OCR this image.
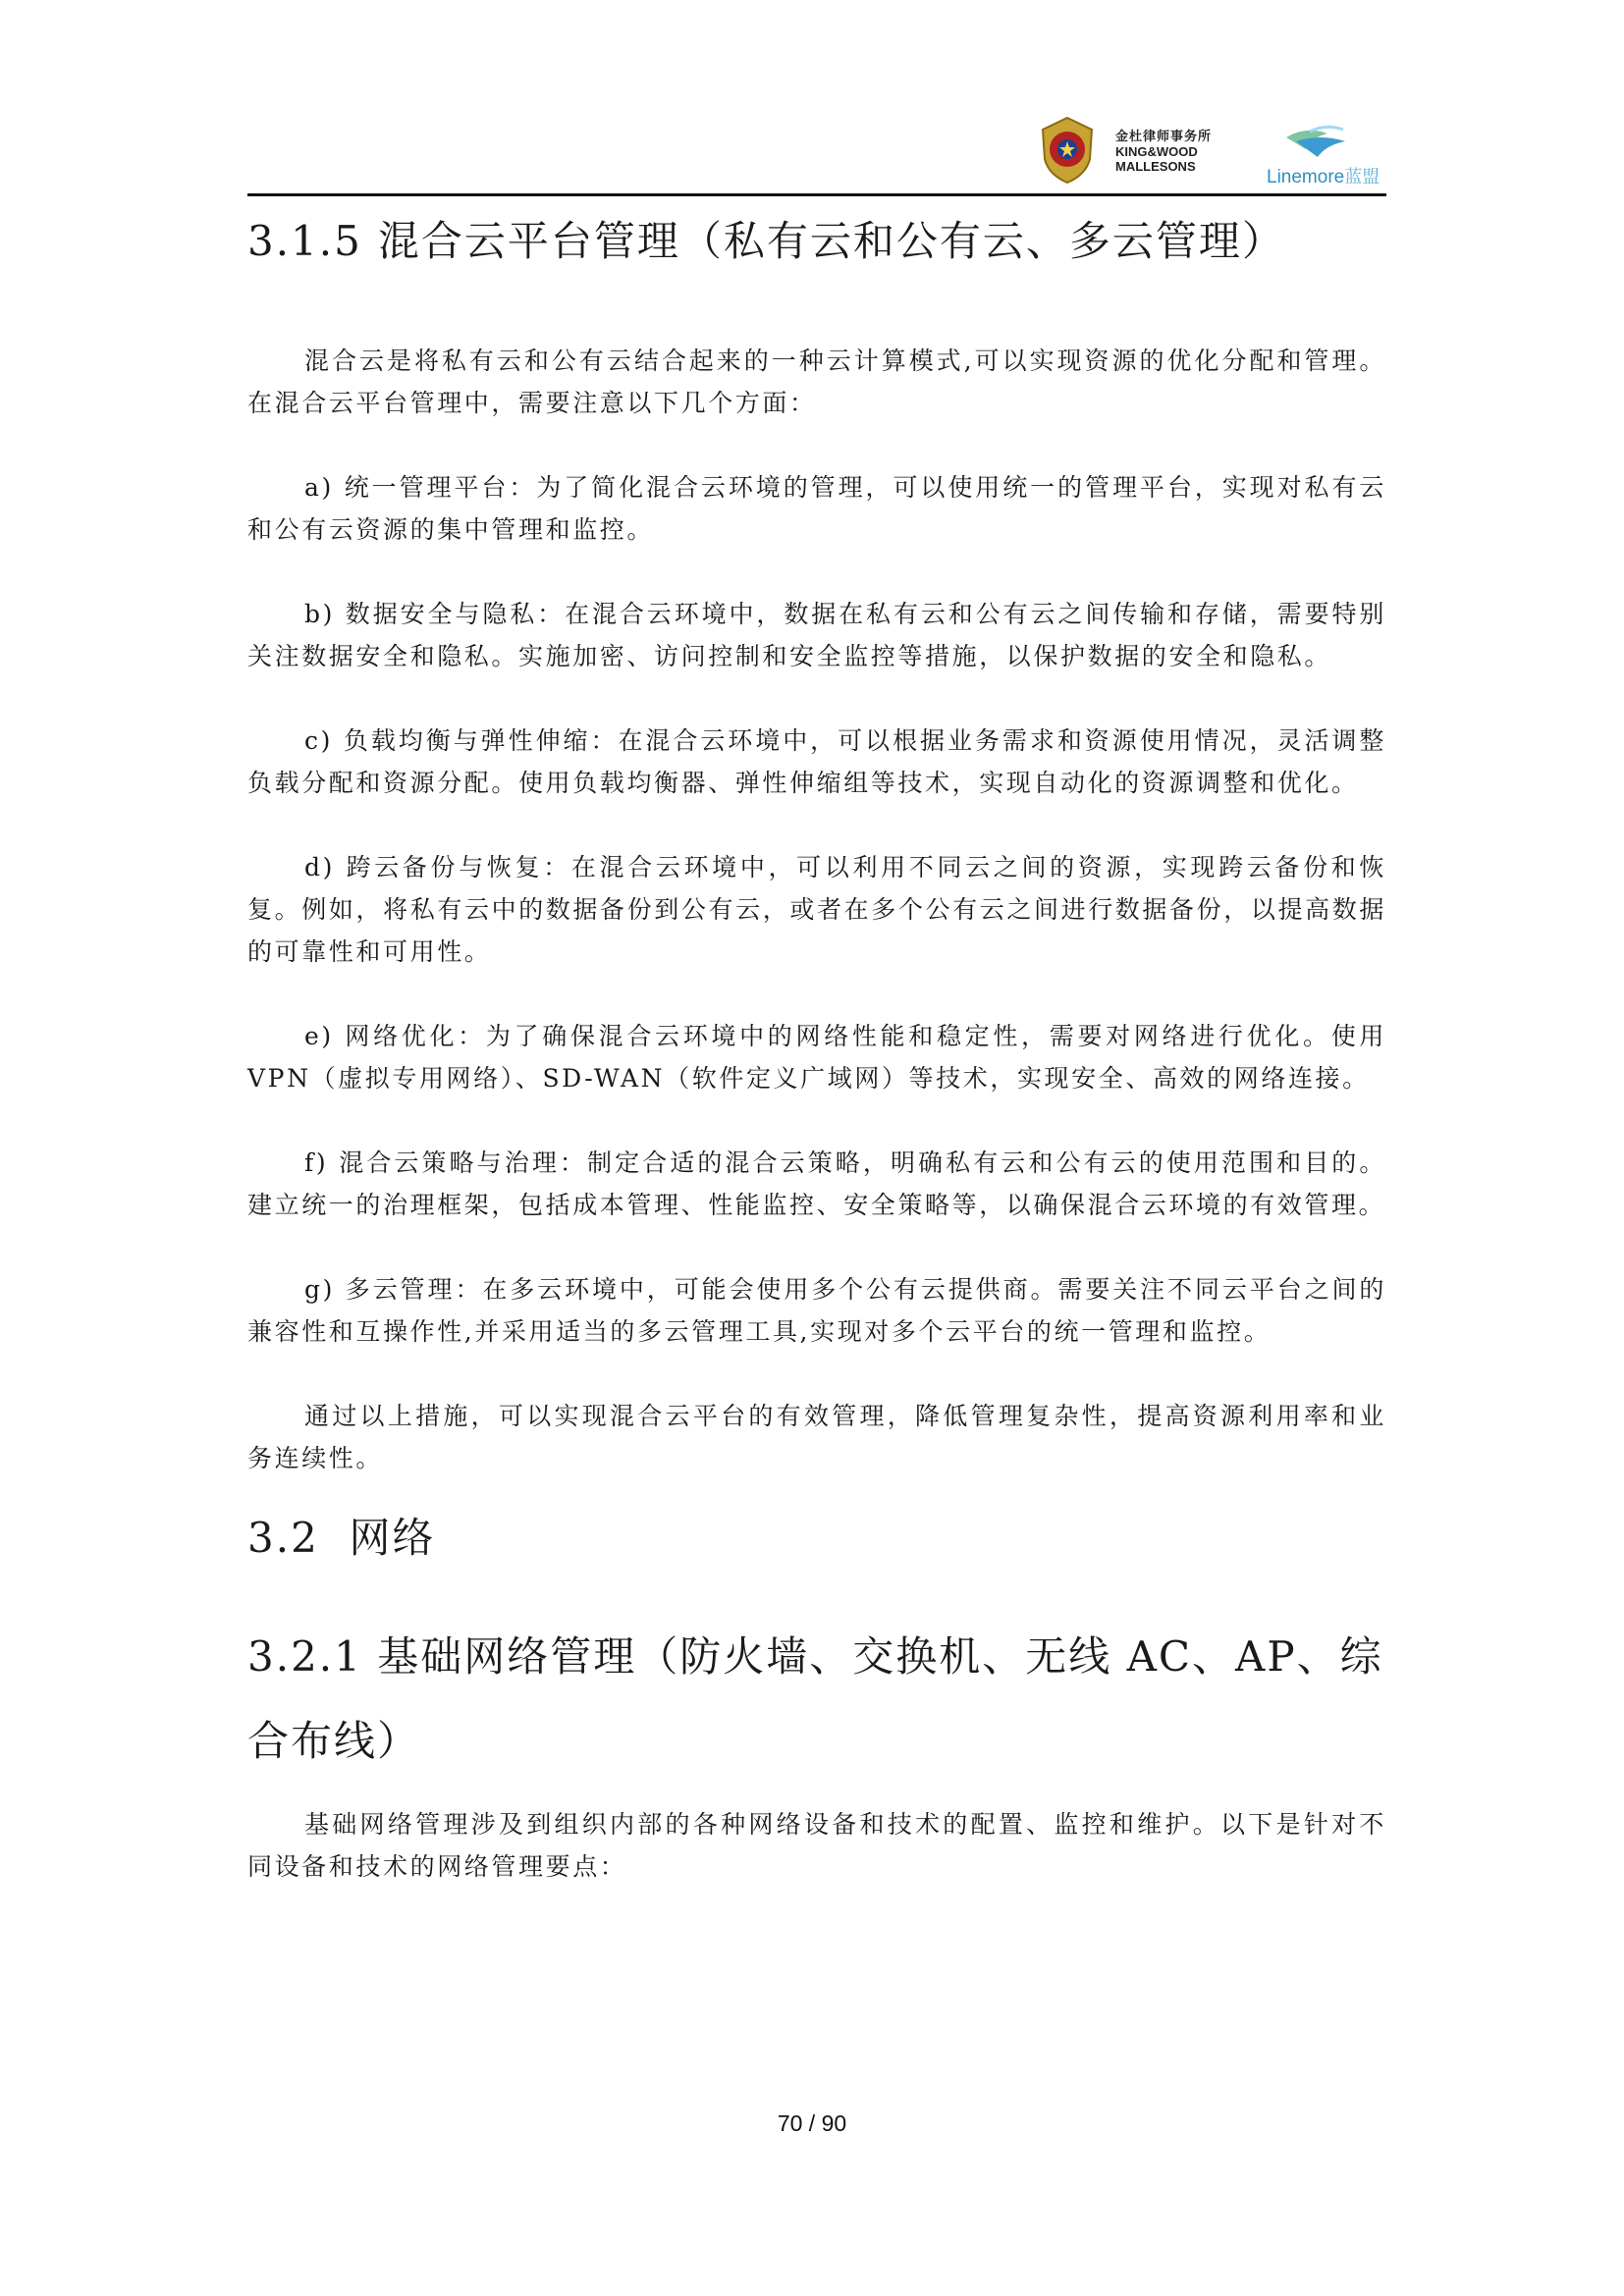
金杜律师事务所
KING&WOOD
MALLESONS
Linemore蓝盟
3.1.5 混合云平台管理（私有云和公有云、多云管理）

混合云是将私有云和公有云结合起来的一种云计算模式,可以实现资源的优化分配和管理。在混合云平台管理中，需要注意以下几个方面：

a) 统一管理平台：为了简化混合云环境的管理，可以使用统一的管理平台，实现对私有云和公有云资源的集中管理和监控。

b) 数据安全与隐私：在混合云环境中，数据在私有云和公有云之间传输和存储，需要特别关注数据安全和隐私。实施加密、访问控制和安全监控等措施，以保护数据的安全和隐私。

c) 负载均衡与弹性伸缩：在混合云环境中，可以根据业务需求和资源使用情况，灵活调整负载分配和资源分配。使用负载均衡器、弹性伸缩组等技术，实现自动化的资源调整和优化。

d) 跨云备份与恢复：在混合云环境中，可以利用不同云之间的资源，实现跨云备份和恢复。例如，将私有云中的数据备份到公有云，或者在多个公有云之间进行数据备份，以提高数据的可靠性和可用性。

e) 网络优化：为了确保混合云环境中的网络性能和稳定性，需要对网络进行优化。使用 VPN（虚拟专用网络）、SD-WAN（软件定义广域网）等技术，实现安全、高效的网络连接。

f) 混合云策略与治理：制定合适的混合云策略，明确私有云和公有云的使用范围和目的。建立统一的治理框架，包括成本管理、性能监控、安全策略等，以确保混合云环境的有效管理。

g) 多云管理：在多云环境中，可能会使用多个公有云提供商。需要关注不同云平台之间的兼容性和互操作性,并采用适当的多云管理工具,实现对多个云平台的统一管理和监控。

通过以上措施，可以实现混合云平台的有效管理，降低管理复杂性，提高资源利用率和业务连续性。

3.2 网络
3.2.1 基础网络管理（防火墙、交换机、无线 AC、AP、综合布线）

基础网络管理涉及到组织内部的各种网络设备和技术的配置、监控和维护。以下是针对不同设备和技术的网络管理要点：

70 / 90
